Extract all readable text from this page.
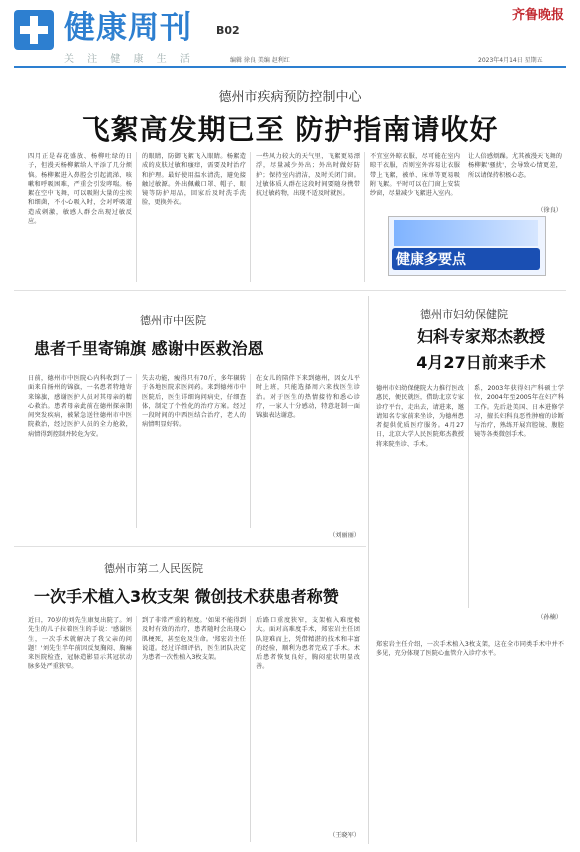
健康周刊 B02
关 注 健 康 生 活	编辑 徐良 美编 赵利红	2023年4月14日 星期五
齐鲁晚报
德州市疾病预防控制中心
飞絮高发期已至 防护指南请收好
四月正是春花盛放、杨柳吐绿的日子，但漫天杨柳絮给人平添了几分烦恼。杨柳絮进入鼻腔会引起流涕、咳嗽和呼吸困难，严重会引发哮喘。杨絮在空中飞舞，可以吸附大量的尘埃和细菌，不小心吸入时，会对呼吸道造成刺激，敏感人群会出现过敏反应。
的眼睛，防御飞絮飞入眼睛。杨絮造成的皮肤过敏和瘙痒，需要及时治疗和护理。最好使用温水清洗，避免接触过敏源。外出佩戴口罩、帽子、眼镜等防护用品，回家后及时洗手洗脸，更换外衣。
一些风力较大的天气里，飞絮更易漂浮，尽量减少外出；外出时做好防护；保持室内清洁，及时关闭门窗。过敏体质人群在这段时间要随身携带抗过敏药物，出现不适及时就医。
不宜室外晾衣服，尽可能在室内晾干衣服，否则室外容易让衣服带上飞絮，被单、床单等更易吸附飞絮。平时可以在门窗上安装纱窗，尽量减少飞絮进入室内。
让人倍感烦躁。尤其被漫天飞舞的杨柳絮'骚扰'，会导致心情更差，所以请保持积极心态。
（徐良）
健康多要点
德州市中医院
患者千里寄锦旗 感谢中医救治恩
日前，德州市中医院心内科收到了一面来自扬州的锦旗，一名患者特地寄来锦旗，感谢医护人员对其母亲的精心救治。患者母亲此前在德州探亲期间突发疾病，被紧急送往德州市中医院救治，经过医护人员的全力抢救，病情得到控制并转危为安。
失去功能，瘦得只有70斤，多年辗转于各地医院求医问药。来到德州市中医院后，医生详细询问病史，仔细查体，制定了个性化的治疗方案。经过一段时间的中西医结合治疗，老人的病情明显好转。
在女儿的陪伴下来到德州，因女儿平时上班，只能选择周六来找医生诊治。对于医生的热情接待和悉心诊疗，一家人十分感动，特意赶制一面锦旗表达谢意。
（刘丽丽）
德州市妇幼保健院
妇科专家郑杰教授
4月27日前来手术
德州市妇幼保健院大力推行医改惠民，便民就医，借助北京专家诊疗平台，走出去，请进来，邀请知名专家前来坐诊，为德州患者提供优质医疗服务。4月27日，北京大学人民医院郑杰教授将来院坐诊、手术。
系，2003年获得妇产科硕士学位，2004年至2005年在妇产科工作。先后赴美国、日本进修学习，擅长妇科良恶性肿瘤的诊断与治疗，熟练开展宫腔镜、腹腔镜等各类微创手术。
（孙楠）
德州市第二人民医院
一次手术植入3枚支架 微创技术获患者称赞
近日，70岁的刘先生康复出院了。刘先生的儿子拉着医生的手说：'感谢医生，一次手术就解决了我父亲的问题！'刘先生半年前因反复胸闷、胸痛来医院检查，冠脉造影显示其冠状动脉多处严重狭窄。
到了非常严重的程度。'如果不能得到及时有效的治疗，患者随时会出现心肌梗死，甚至危及生命。'郑宏岩主任说道。经过详细评估，医生团队决定为患者一次性植入3枚支架。
后路口重度狭窄，支架植入难度极大。面对高难度手术，郑宏岩主任团队迎难而上，凭借精湛的技术和丰富的经验，顺利为患者完成了手术。术后患者恢复良好，胸闷症状明显改善。
郑宏岩主任介绍，一次手术植入3枚支架，这在全市同类手术中并不多见，充分体现了医院心血管介入诊疗水平。
（王晓军）
